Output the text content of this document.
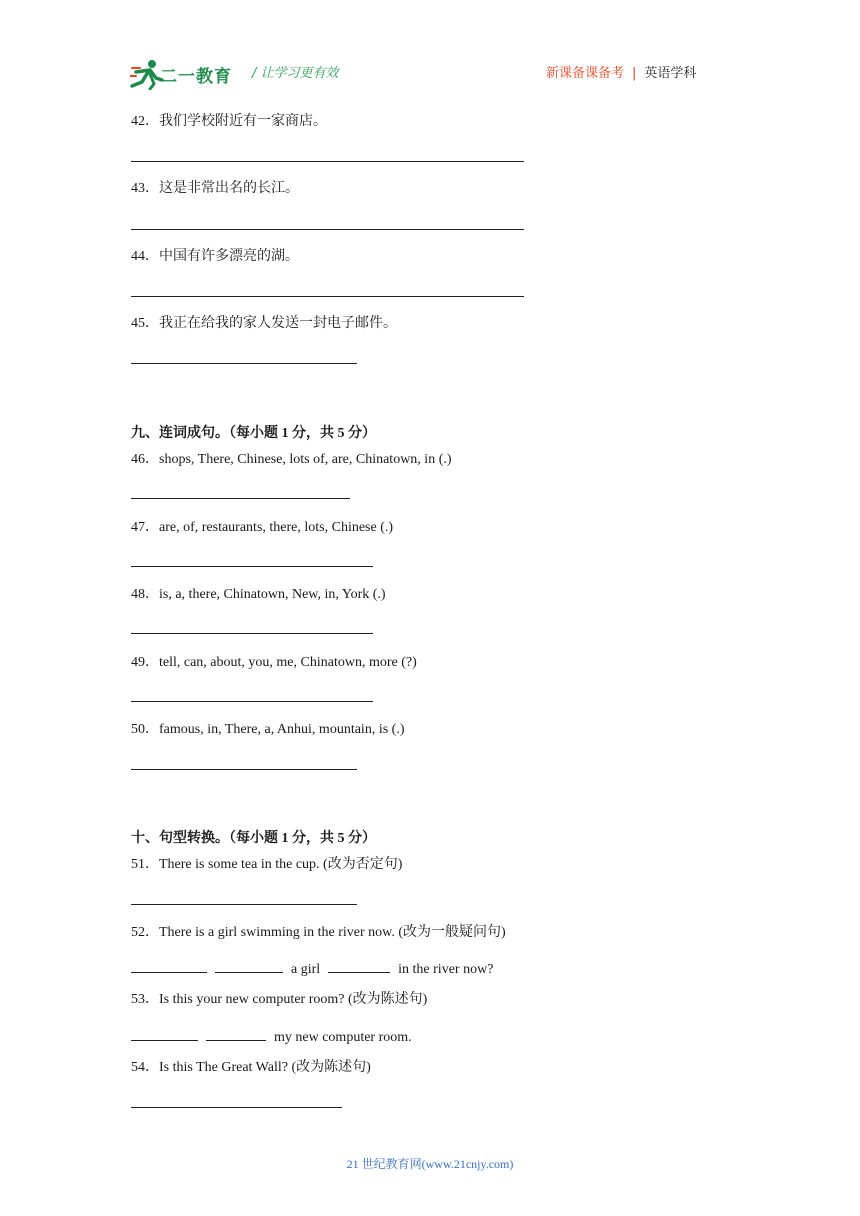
二一教育 / 让学习更有效	新课备课备考 | 英语学科
42．我们学校附近有一家商店。
43．这是非常出名的长江。
44．中国有许多漂亮的湖。
45．我正在给我的家人发送一封电子邮件。
九、连词成句。（每小题 1 分，共 5 分）
46．shops, There, Chinese, lots of, are, Chinatown, in (.)
47．are, of, restaurants, there, lots, Chinese (.)
48．is, a, there, Chinatown, New, in, York (.)
49．tell, can, about, you, me, Chinatown, more (?)
50．famous, in, There, a, Anhui, mountain, is (.)
十、句型转换。（每小题 1 分，共 5 分）
51．There is some tea in the cup. (改为否定句)
52．There is a girl swimming in the river now. (改为一般疑问句)
a girl	in the river now?
53．Is this your new computer room? (改为陈述句)
my new computer room.
54．Is this The Great Wall? (改为陈述句)
21 世纪教育网(www.21cnjy.com)
